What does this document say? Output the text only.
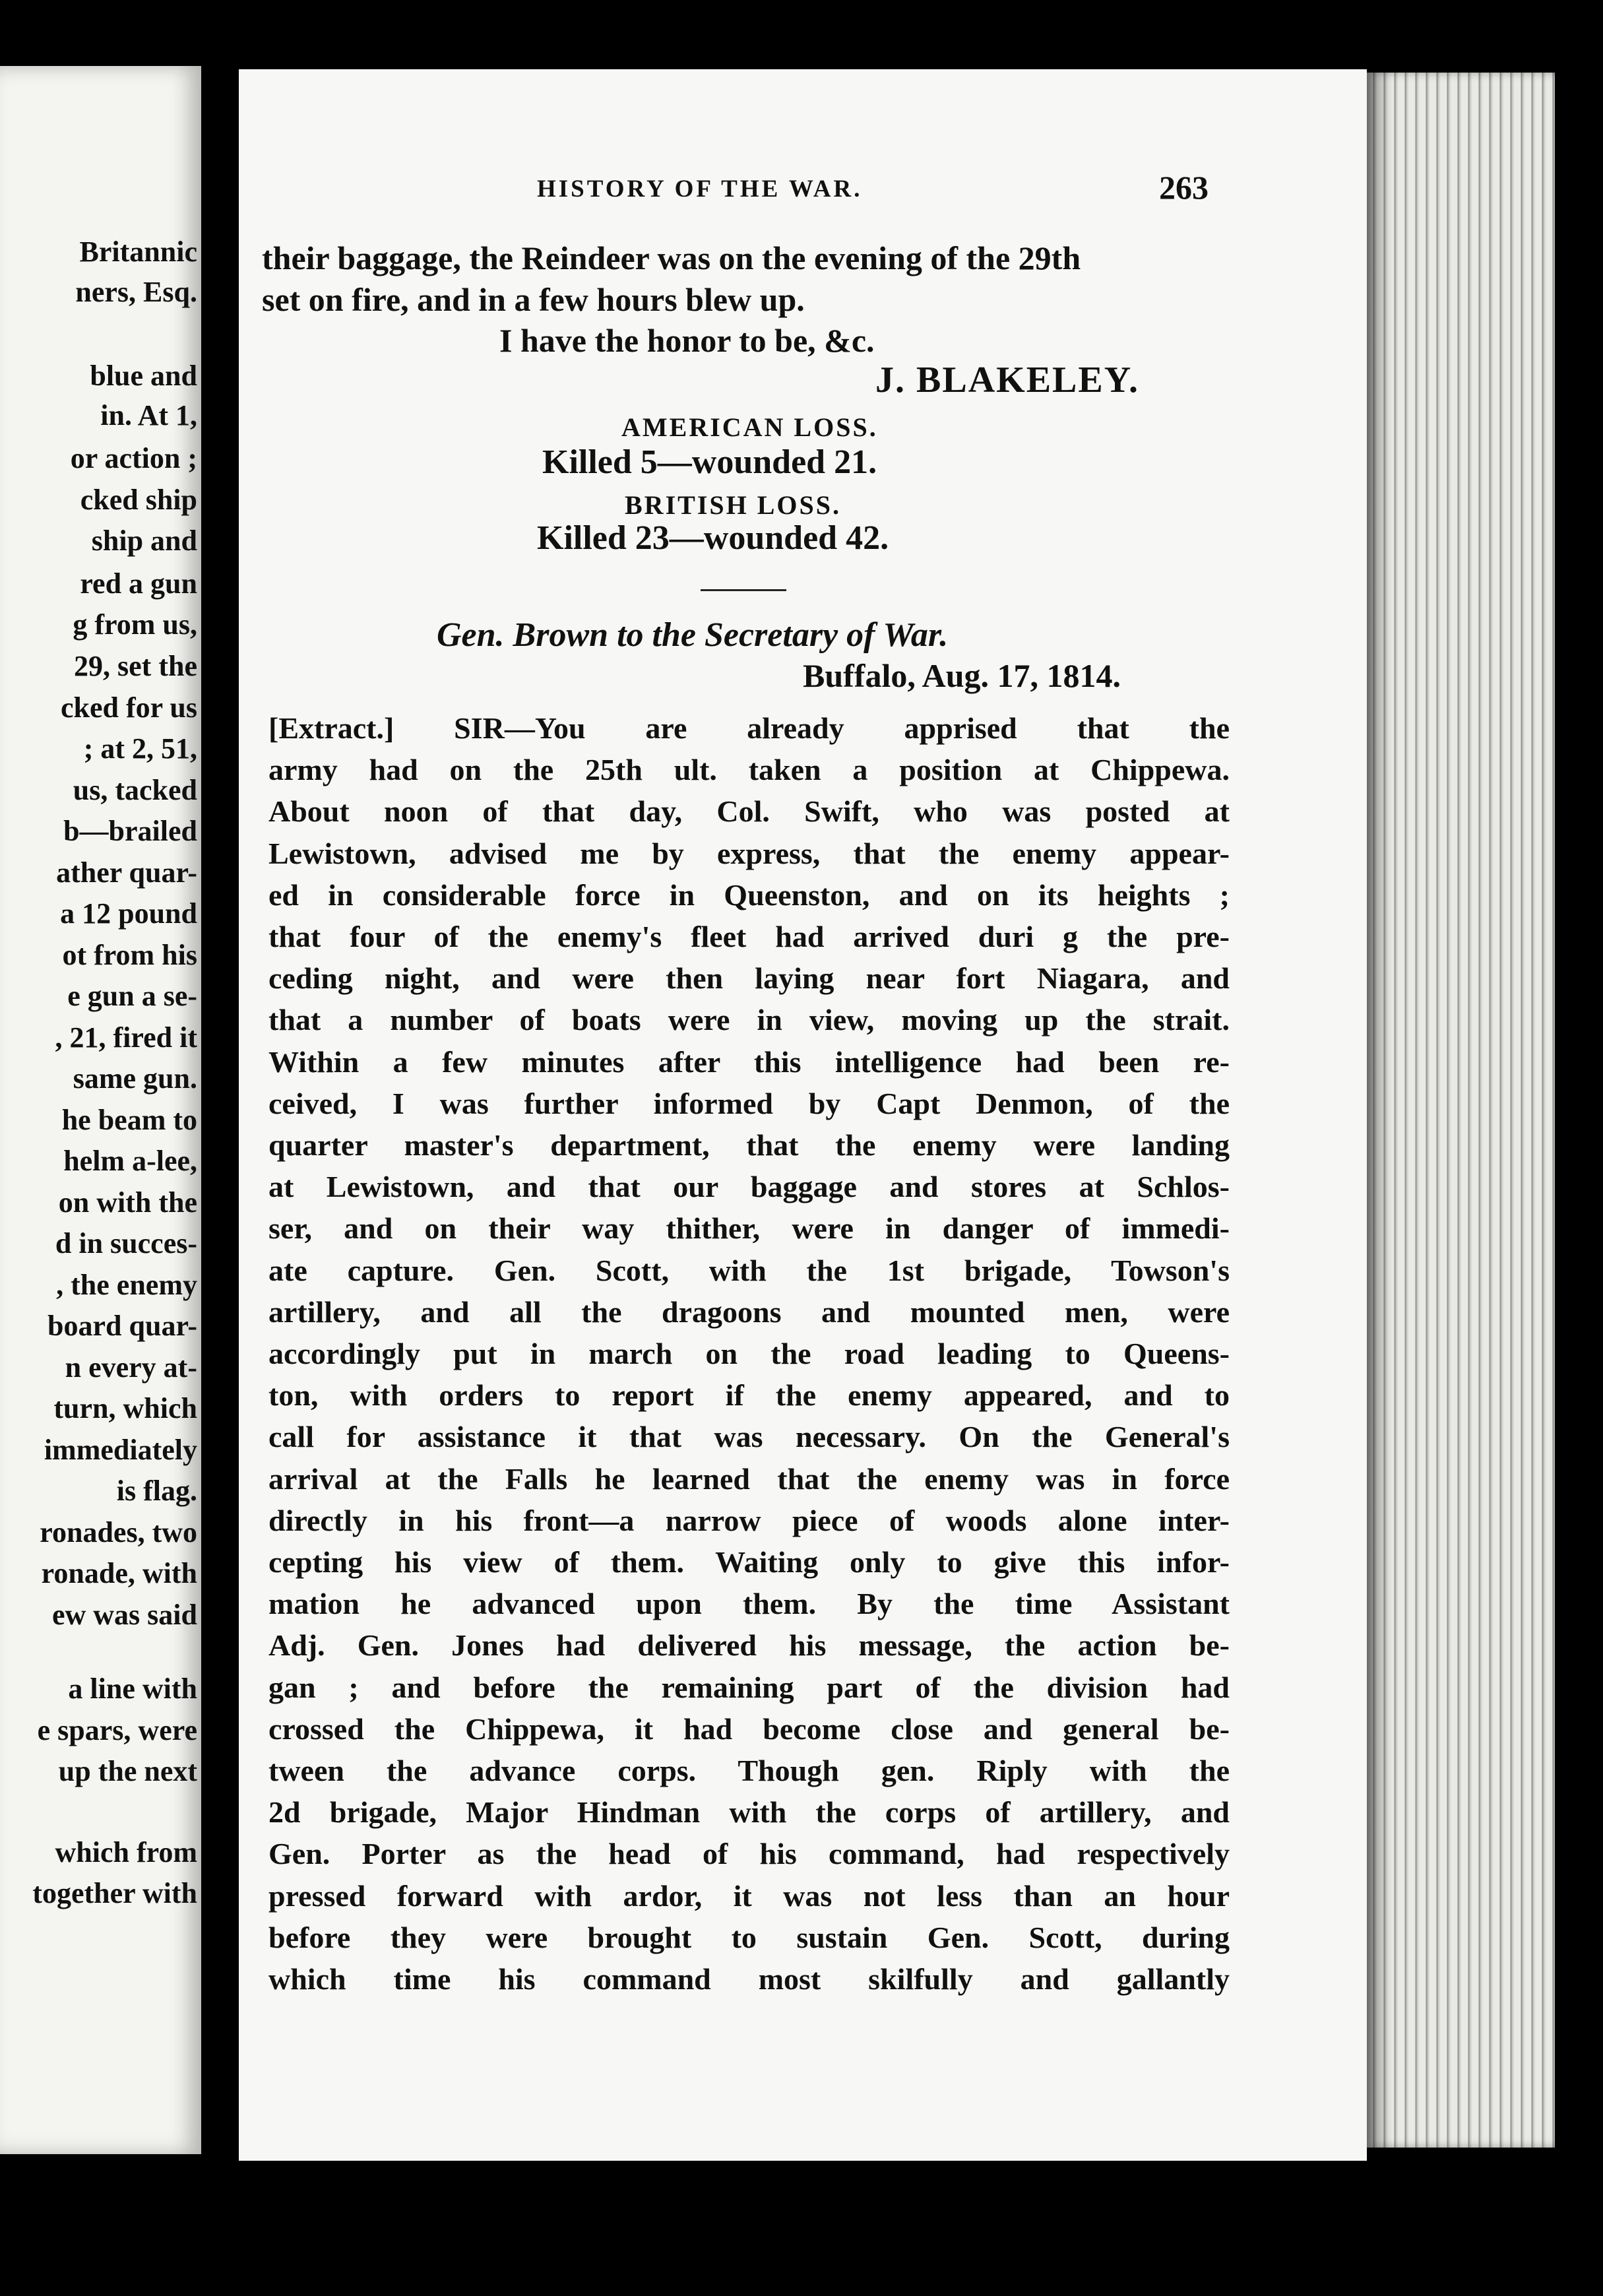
Britannic
ners, Esq.
blue and
in. At 1,
or action ;
cked ship
ship and
red a gun
g from us,
29, set the
cked for us
; at 2, 51,
us, tacked
b—brailed
ather quar-
a 12 pound
ot from his
e gun a se-
, 21, fired it
same gun.
he beam to
helm a-lee,
on with the
d in succes-
, the enemy
board quar-
n every at-
turn, which
immediately
is flag.
ronades, two
ronade, with
ew was said
a line with
e spars, were
up the next
which from
together with
HISTORY OF THE WAR.	263
their baggage, the Reindeer was on the evening of the 29th
set on fire, and in a few hours blew up.
I have the honor to be, &c.
J. BLAKELEY.
AMERICAN LOSS.
Killed 5—wounded 21.
BRITISH LOSS.
Killed 23—wounded 42.
Gen. Brown to the Secretary of War.
Buffalo, Aug. 17, 1814.
[Extract.] SIR—You are already apprised that the
army had on the 25th ult. taken a position at Chippewa.
About noon of that day, Col. Swift, who was posted at
Lewistown, advised me by express, that the enemy appear-
ed in considerable force in Queenston, and on its heights ;
that four of the enemy's fleet had arrived duri g the pre-
ceding night, and were then laying near fort Niagara, and
that a number of boats were in view, moving up the strait.
Within a few minutes after this intelligence had been re-
ceived, I was further informed by Capt Denmon, of the
quarter master's department, that the enemy were landing
at Lewistown, and that our baggage and stores at Schlos-
ser, and on their way thither, were in danger of immedi-
ate capture. Gen. Scott, with the 1st brigade, Towson's
artillery, and all the dragoons and mounted men, were
accordingly put in march on the road leading to Queens-
ton, with orders to report if the enemy appeared, and to
call for assistance it that was necessary. On the General's
arrival at the Falls he learned that the enemy was in force
directly in his front—a narrow piece of woods alone inter-
cepting his view of them. Waiting only to give this infor-
mation he advanced upon them. By the time Assistant
Adj. Gen. Jones had delivered his message, the action be-
gan ; and before the remaining part of the division had
crossed the Chippewa, it had become close and general be-
tween the advance corps. Though gen. Riply with the
2d brigade, Major Hindman with the corps of artillery, and
Gen. Porter as the head of his command, had respectively
pressed forward with ardor, it was not less than an hour
before they were brought to sustain Gen. Scott, during
which time his command most skilfully and gallantly
